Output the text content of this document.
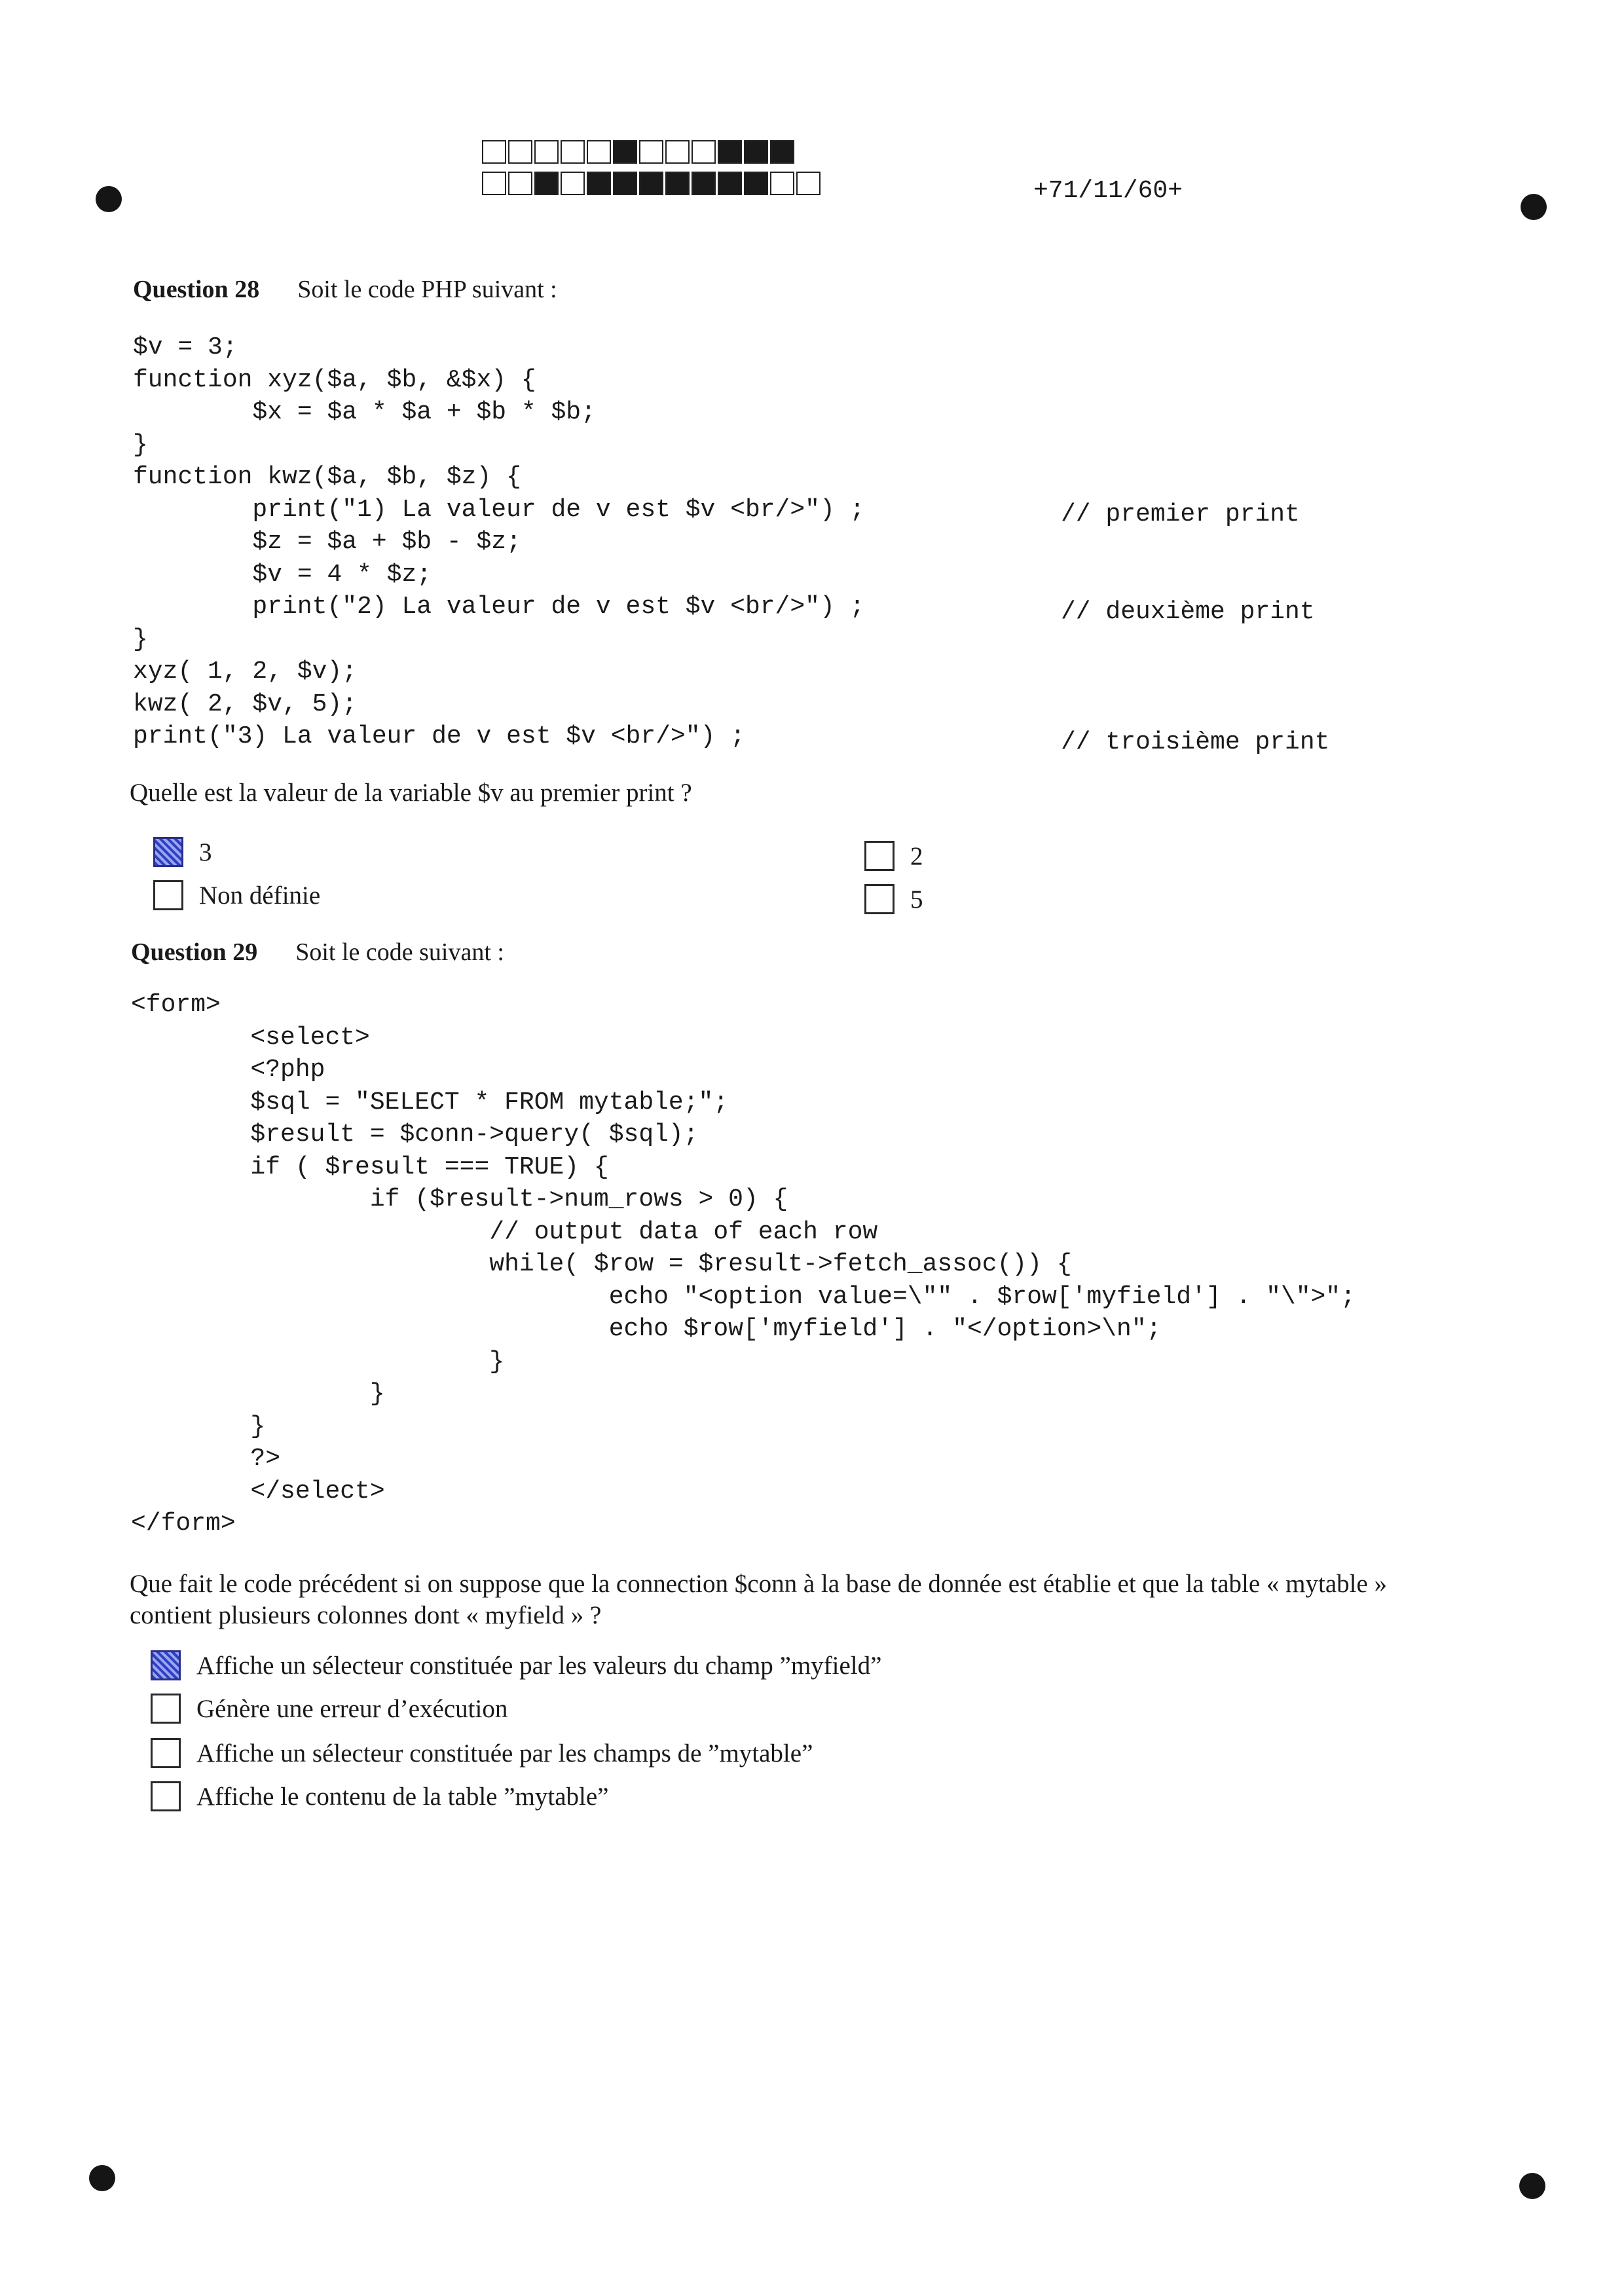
+71/11/60+
Question 28 Soit le code PHP suivant :
$v = 3;
function xyz($a, $b, &$x) {
$x = $a * $a + $b * $b;
}
function kwz($a, $b, $z) {
print("1) La valeur de v est $v <br/>") ;
$z = $a + $b - $z;
$v = 4 * $z;
print("2) La valeur de v est $v <br/>") ;
}
xyz( 1, 2, $v);
kwz( 2, $v, 5);
print("3) La valeur de v est $v <br/>") ;
// premier print
// deuxième print
// troisième print
Quelle est la valeur de la variable $v au premier print ?
3
Non définie
2
5
Question 29 Soit le code suivant :
<form>
<select>
<?php
$sql = "SELECT * FROM mytable;";
$result = $conn->query( $sql);
if ( $result === TRUE) {
if ($result->num_rows > 0) {
// output data of each row
while( $row = $result->fetch_assoc()) {
echo "<option value=\"" . $row['myfield'] . "\">";
echo $row['myfield'] . "</option>\n";
}
}
}
?>
</select>
</form>
Que fait le code précédent si on suppose que la connection $conn à la base de donnée est établie et que la table « mytable »
contient plusieurs colonnes dont « myfield » ?
Affiche un sélecteur constituée par les valeurs du champ ”myfield”
Génère une erreur d’exécution
Affiche un sélecteur constituée par les champs de ”mytable”
Affiche le contenu de la table ”mytable”
